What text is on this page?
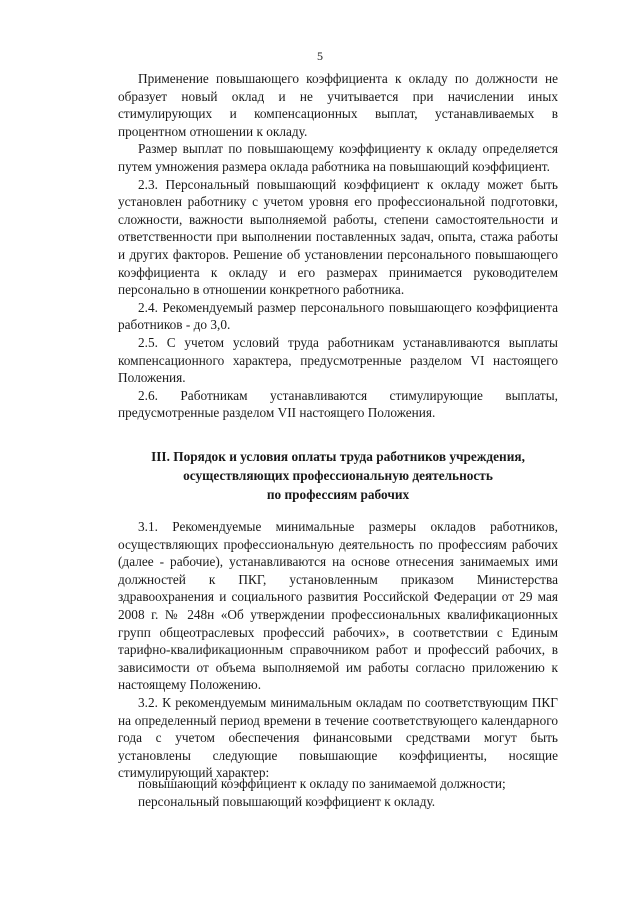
5

Применение повышающего коэффициента к окладу по должности не образует новый оклад и не учитывается при начислении иных стимулирующих и компенсационных выплат, устанавливаемых в процентном отношении к окладу.

Размер выплат по повышающему коэффициенту к окладу определяется путем умножения размера оклада работника на повышающий коэффициент.

2.3. Персональный повышающий коэффициент к окладу может быть установлен работнику с учетом уровня его профессиональной подготовки, сложности, важности выполняемой работы, степени самостоятельности и ответственности при выполнении поставленных задач, опыта, стажа работы и других факторов. Решение об установлении персонального повышающего коэффициента к окладу и его размерах принимается руководителем персонально в отношении конкретного работника.

2.4. Рекомендуемый размер персонального повышающего коэффициента работников - до 3,0.

2.5. С учетом условий труда работникам устанавливаются выплаты компенсационного характера, предусмотренные разделом VI настоящего Положения.

2.6. Работникам устанавливаются стимулирующие выплаты, предусмотренные разделом VII настоящего Положения.

III. Порядок и условия оплаты труда работников учреждения,
осуществляющих профессиональную деятельность
по профессиям рабочих

3.1. Рекомендуемые минимальные размеры окладов работников, осуществляющих профессиональную деятельность по профессиям рабочих (далее - рабочие), устанавливаются на основе отнесения занимаемых ими должностей к ПКГ, установленным приказом Министерства здравоохранения и социального развития Российской Федерации от 29 мая 2008 г. № 248н «Об утверждении профессиональных квалификационных групп общеотраслевых профессий рабочих», в соответствии с Единым тарифно-квалификационным справочником работ и профессий рабочих, в зависимости от объема выполняемой им работы согласно приложению к настоящему Положению.

3.2. К рекомендуемым минимальным окладам по соответствующим ПКГ на определенный период времени в течение соответствующего календарного года с учетом обеспечения финансовыми средствами могут быть установлены следующие повышающие коэффициенты, носящие стимулирующий характер:

повышающий коэффициент к окладу по занимаемой должности;
персональный повышающий коэффициент к окладу.
